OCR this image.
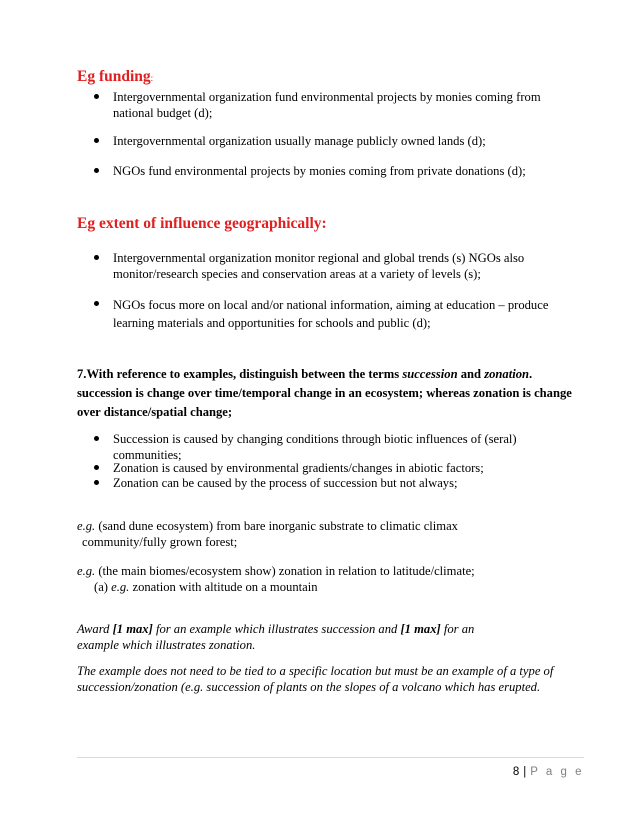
Eg funding:
Intergovernmental organization fund environmental projects by monies coming from national budget (d);
Intergovernmental organization usually manage publicly owned lands (d);
NGOs fund environmental projects by monies coming from private donations (d);
Eg extent of influence geographically:
Intergovernmental organization monitor regional and global trends (s) NGOs also monitor/research species and conservation areas at a variety of levels (s);
NGOs focus more on local and/or national information, aiming at education – produce learning materials and opportunities for schools and public (d);
7.With reference to examples, distinguish between the terms succession and zonation. succession is change over time/temporal change in an ecosystem; whereas zonation is change over distance/spatial change;
Succession is caused by changing conditions through biotic influences of (seral) communities;
Zonation is caused by environmental gradients/changes in abiotic factors;
Zonation can be caused by the process of succession but not always;
e.g. (sand dune ecosystem) from bare inorganic substrate to climatic climax
community/fully grown forest;
e.g. (the main biomes/ecosystem show) zonation in relation to latitude/climate;
(a) e.g. zonation with altitude on a mountain
Award [1 max] for an example which illustrates succession and [1 max] for an example which illustrates zonation.
The example does not need to be tied to a specific location but must be an example of a type of succession/zonation (e.g. succession of plants on the slopes of a volcano which has erupted.
8 | P a g e
